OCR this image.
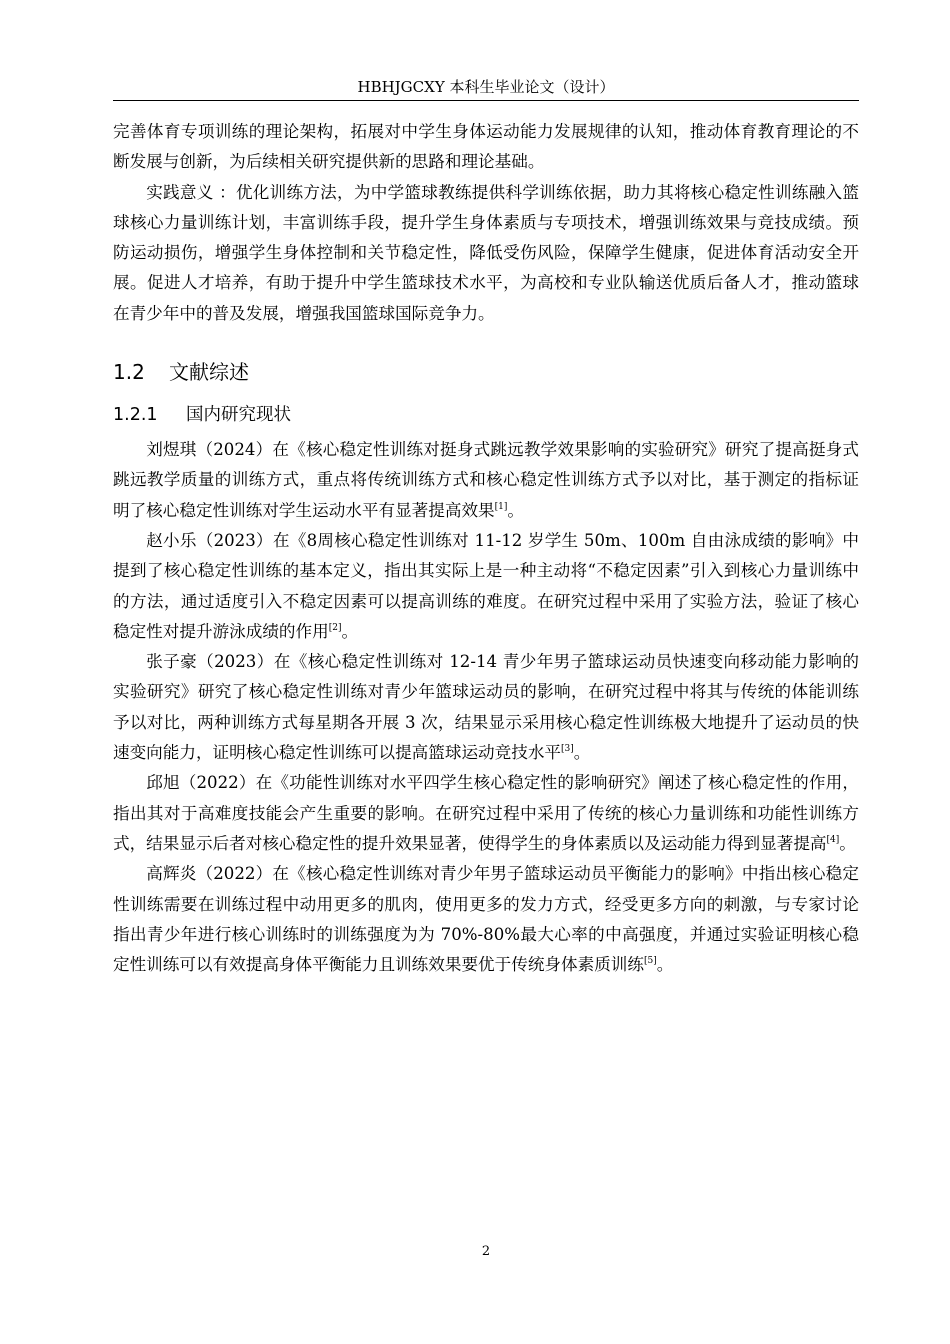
HBHJGCXY 本科生毕业论文（设计）

完善体育专项训练的理论架构，拓展对中学生身体运动能力发展规律的认知，推动体育教育理论的不断发展与创新，为后续相关研究提供新的思路和理论基础。

实践意义 ：优化训练方法，为中学篮球教练提供科学训练依据，助力其将核心稳定性训练融入篮球核心力量训练计划，丰富训练手段，提升学生身体素质与专项技术，增强训练效果与竞技成绩。预防运动损伤，增强学生身体控制和关节稳定性，降低受伤风险，保障学生健康，促进体育活动安全开展。促进人才培养，有助于提升中学生篮球技术水平，为高校和专业队输送优质后备人才，推动篮球在青少年中的普及发展，增强我国篮球国际竞争力。

1.2 文献综述
1.2.1 国内研究现状

刘煜琪（2024）在《核心稳定性训练对挺身式跳远教学效果影响的实验研究》研究了提高挺身式跳远教学质量的训练方式，重点将传统训练方式和核心稳定性训练方式予以对比，基于测定的指标证明了核心稳定性训练对学生运动水平有显著提高效果[1]。

赵小乐（2023）在《8周核心稳定性训练对 11-12 岁学生 50m、100m 自由泳成绩的影响》中提到了核心稳定性训练的基本定义，指出其实际上是一种主动将“不稳定因素”引入到核心力量训练中的方法，通过适度引入不稳定因素可以提高训练的难度。在研究过程中采用了实验方法，验证了核心稳定性对提升游泳成绩的作用[2]。

张子豪（2023）在《核心稳定性训练对 12-14 青少年男子篮球运动员快速变向移动能力影响的实验研究》研究了核心稳定性训练对青少年篮球运动员的影响，在研究过程中将其与传统的体能训练予以对比，两种训练方式每星期各开展 3 次，结果显示采用核心稳定性训练极大地提升了运动员的快速变向能力，证明核心稳定性训练可以提高篮球运动竞技水平[3]。

邱旭（2022）在《功能性训练对水平四学生核心稳定性的影响研究》阐述了核心稳定性的作用，指出其对于高难度技能会产生重要的影响。在研究过程中采用了传统的核心力量训练和功能性训练方式，结果显示后者对核心稳定性的提升效果显著，使得学生的身体素质以及运动能力得到显著提高[4]。

高辉炎（2022）在《核心稳定性训练对青少年男子篮球运动员平衡能力的影响》中指出核心稳定性训练需要在训练过程中动用更多的肌肉，使用更多的发力方式，经受更多方向的刺激，与专家讨论指出青少年进行核心训练时的训练强度为为 70%-80%最大心率的中高强度，并通过实验证明核心稳定性训练可以有效提高身体平衡能力且训练效果要优于传统身体素质训练[5]。

2
